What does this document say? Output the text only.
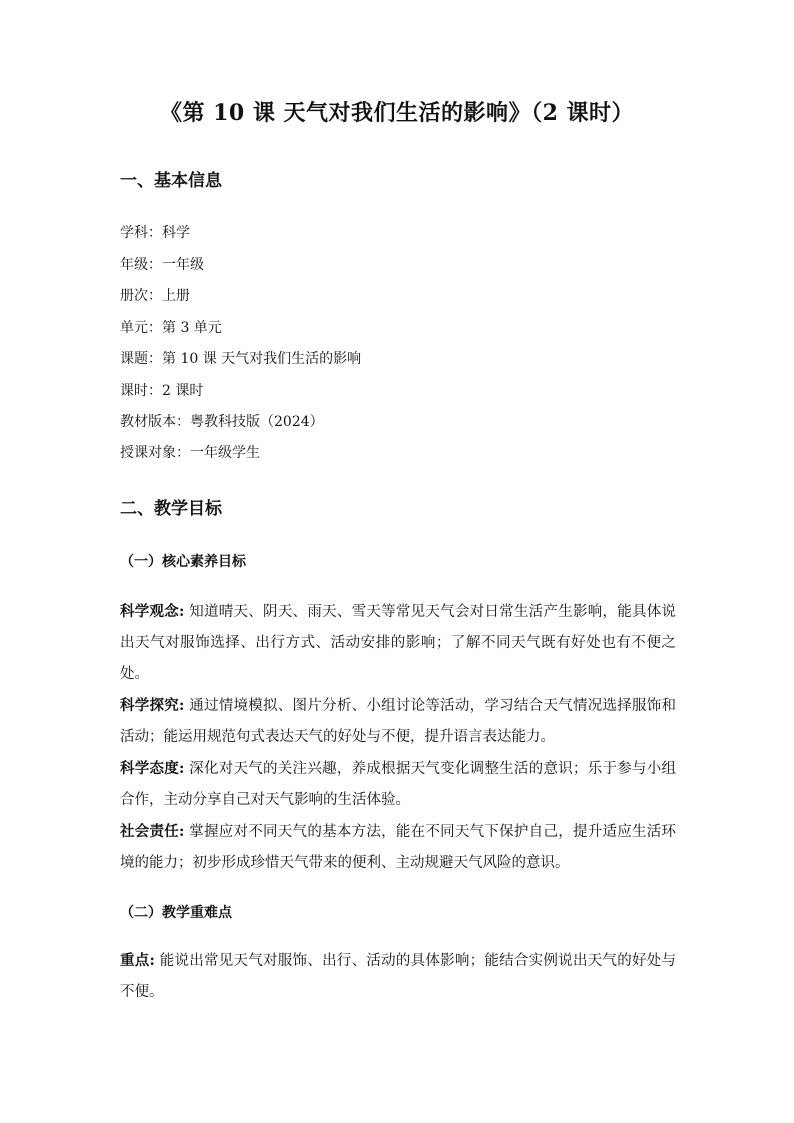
《第 10 课 天气对我们生活的影响》（2 课时）
一、基本信息
学科：科学
年级：一年级
册次：上册
单元：第 3 单元
课题：第 10 课 天气对我们生活的影响
课时：2 课时
教材版本：粤教科技版（2024）
授课对象：一年级学生
二、教学目标
（一）核心素养目标
科学观念: 知道晴天、阴天、雨天、雪天等常见天气会对日常生活产生影响，能具体说出天气对服饰选择、出行方式、活动安排的影响；了解不同天气既有好处也有不便之处。
科学探究: 通过情境模拟、图片分析、小组讨论等活动，学习结合天气情况选择服饰和活动；能运用规范句式表达天气的好处与不便，提升语言表达能力。
科学态度: 深化对天气的关注兴趣，养成根据天气变化调整生活的意识；乐于参与小组合作，主动分享自己对天气影响的生活体验。
社会责任: 掌握应对不同天气的基本方法，能在不同天气下保护自己，提升适应生活环境的能力；初步形成珍惜天气带来的便利、主动规避天气风险的意识。
（二）教学重难点
重点: 能说出常见天气对服饰、出行、活动的具体影响；能结合实例说出天气的好处与不便。
